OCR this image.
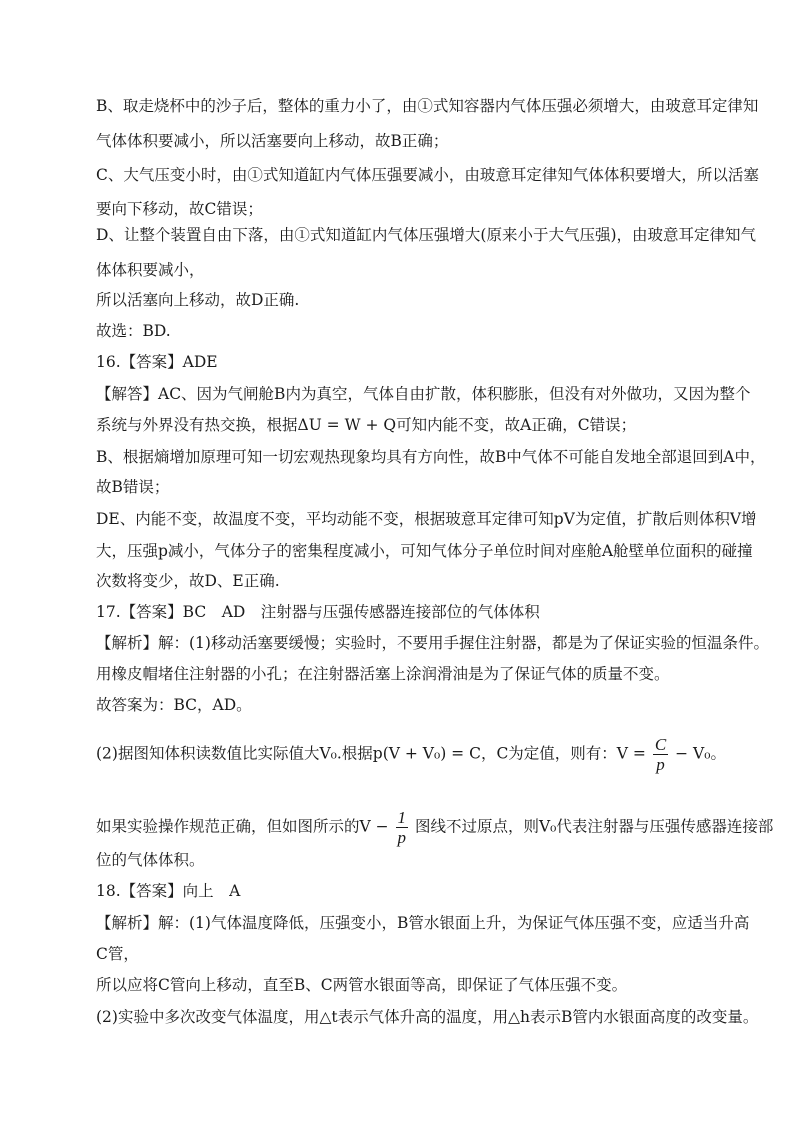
B、取走烧杯中的沙子后，整体的重力小了，由①式知容器内气体压强必须增大，由玻意耳定律知
气体体积要减小，所以活塞要向上移动，故B正确；
C、大气压变小时，由①式知道缸内气体压强要减小，由玻意耳定律知气体体积要增大，所以活塞
要向下移动，故C错误；
D、让整个装置自由下落，由①式知道缸内气体压强增大(原来小于大气压强)，由玻意耳定律知气
体体积要减小，
所以活塞向上移动，故D正确.
故选：BD.
16.【答案】ADE
【解答】AC、因为气闸舱B内为真空，气体自由扩散，体积膨胀，但没有对外做功，又因为整个
系统与外界没有热交换，根据ΔU = W + Q可知内能不变，故A正确，C错误；
B、根据熵增加原理可知一切宏观热现象均具有方向性，故B中气体不可能自发地全部退回到A中，
故B错误；
DE、内能不变，故温度不变，平均动能不变，根据玻意耳定律可知pV为定值，扩散后则体积V增
大，压强p减小，气体分子的密集程度减小，可知气体分子单位时间对座舱A舱壁单位面积的碰撞
次数将变少，故D、E正确.
17.【答案】BC　AD　注射器与压强传感器连接部位的气体体积
【解析】解：(1)移动活塞要缓慢；实验时，不要用手握住注射器，都是为了保证实验的恒温条件。
用橡皮帽堵住注射器的小孔；在注射器活塞上涂润滑油是为了保证气体的质量不变。
故答案为：BC，AD。
(2)据图知体积读数值比实际值大V₀.根据p(V + V₀) = C，C为定值，则有：$V = \frac{C}{p} - V_0$。
如果实验操作规范正确，但如图所示的$V - \frac{1}{p}$ 图线不过原点，则V₀代表注射器与压强传感器连接部
位的气体体积。
18.【答案】向上　A
【解析】解：(1)气体温度降低，压强变小，B管水银面上升，为保证气体压强不变，应适当升高
C管，
所以应将C管向上移动，直至B、C两管水银面等高，即保证了气体压强不变。
(2)实验中多次改变气体温度，用△t表示气体升高的温度，用△h表示B管内水银面高度的改变量。
